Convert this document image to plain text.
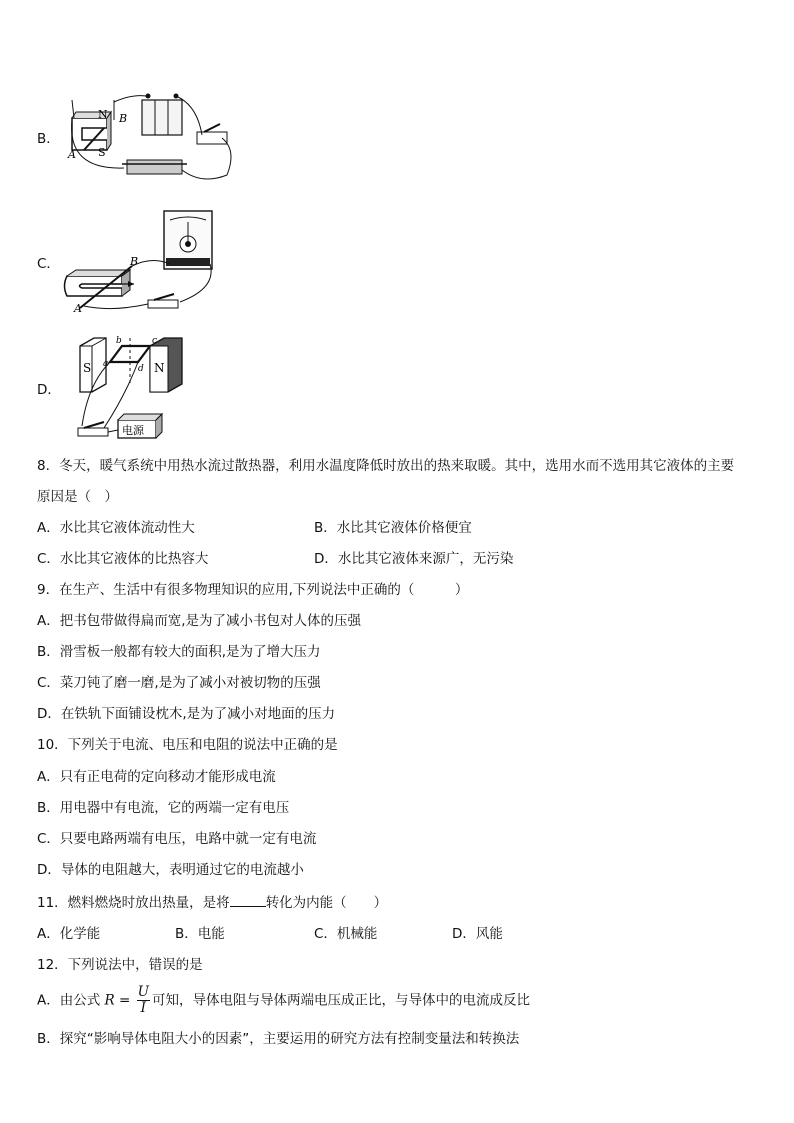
B．
N
S
A
B
C．
A
B
D．
S	N
b	c
a	d
电源
8．冬天，暖气系统中用热水流过散热器，利用水温度降低时放出的热来取暖。其中，选用水而不选用其它液体的主要
原因是（　）
A．水比其它液体流动性大	B．水比其它液体价格便宜
C．水比其它液体的比热容大	D．水比其它液体来源广，无污染
9．在生产、生活中有很多物理知识的应用,下列说法中正确的（　　　）
A．把书包带做得扁而宽,是为了减小书包对人体的压强
B．滑雪板一般都有较大的面积,是为了增大压力
C．菜刀钝了磨一磨,是为了减小对被切物的压强
D．在铁轨下面铺设枕木,是为了减小对地面的压力
10．下列关于电流、电压和电阻的说法中正确的是
A．只有正电荷的定向移动才能形成电流
B．用电器中有电流，它的两端一定有电压
C．只要电路两端有电压，电路中就一定有电流
D．导体的电阻越大，表明通过它的电流越小
11．燃料燃烧时放出热量，是将	转化为内能（　　）
A．化学能	B．电能	C．机械能	D．风能
12．下列说法中，错误的是
A．由公式 $R = \frac{U}{I}$ 可知，导体电阻与导体两端电压成正比，与导体中的电流成反比
B．探究“影响导体电阻大小的因素”，主要运用的研究方法有控制变量法和转换法
